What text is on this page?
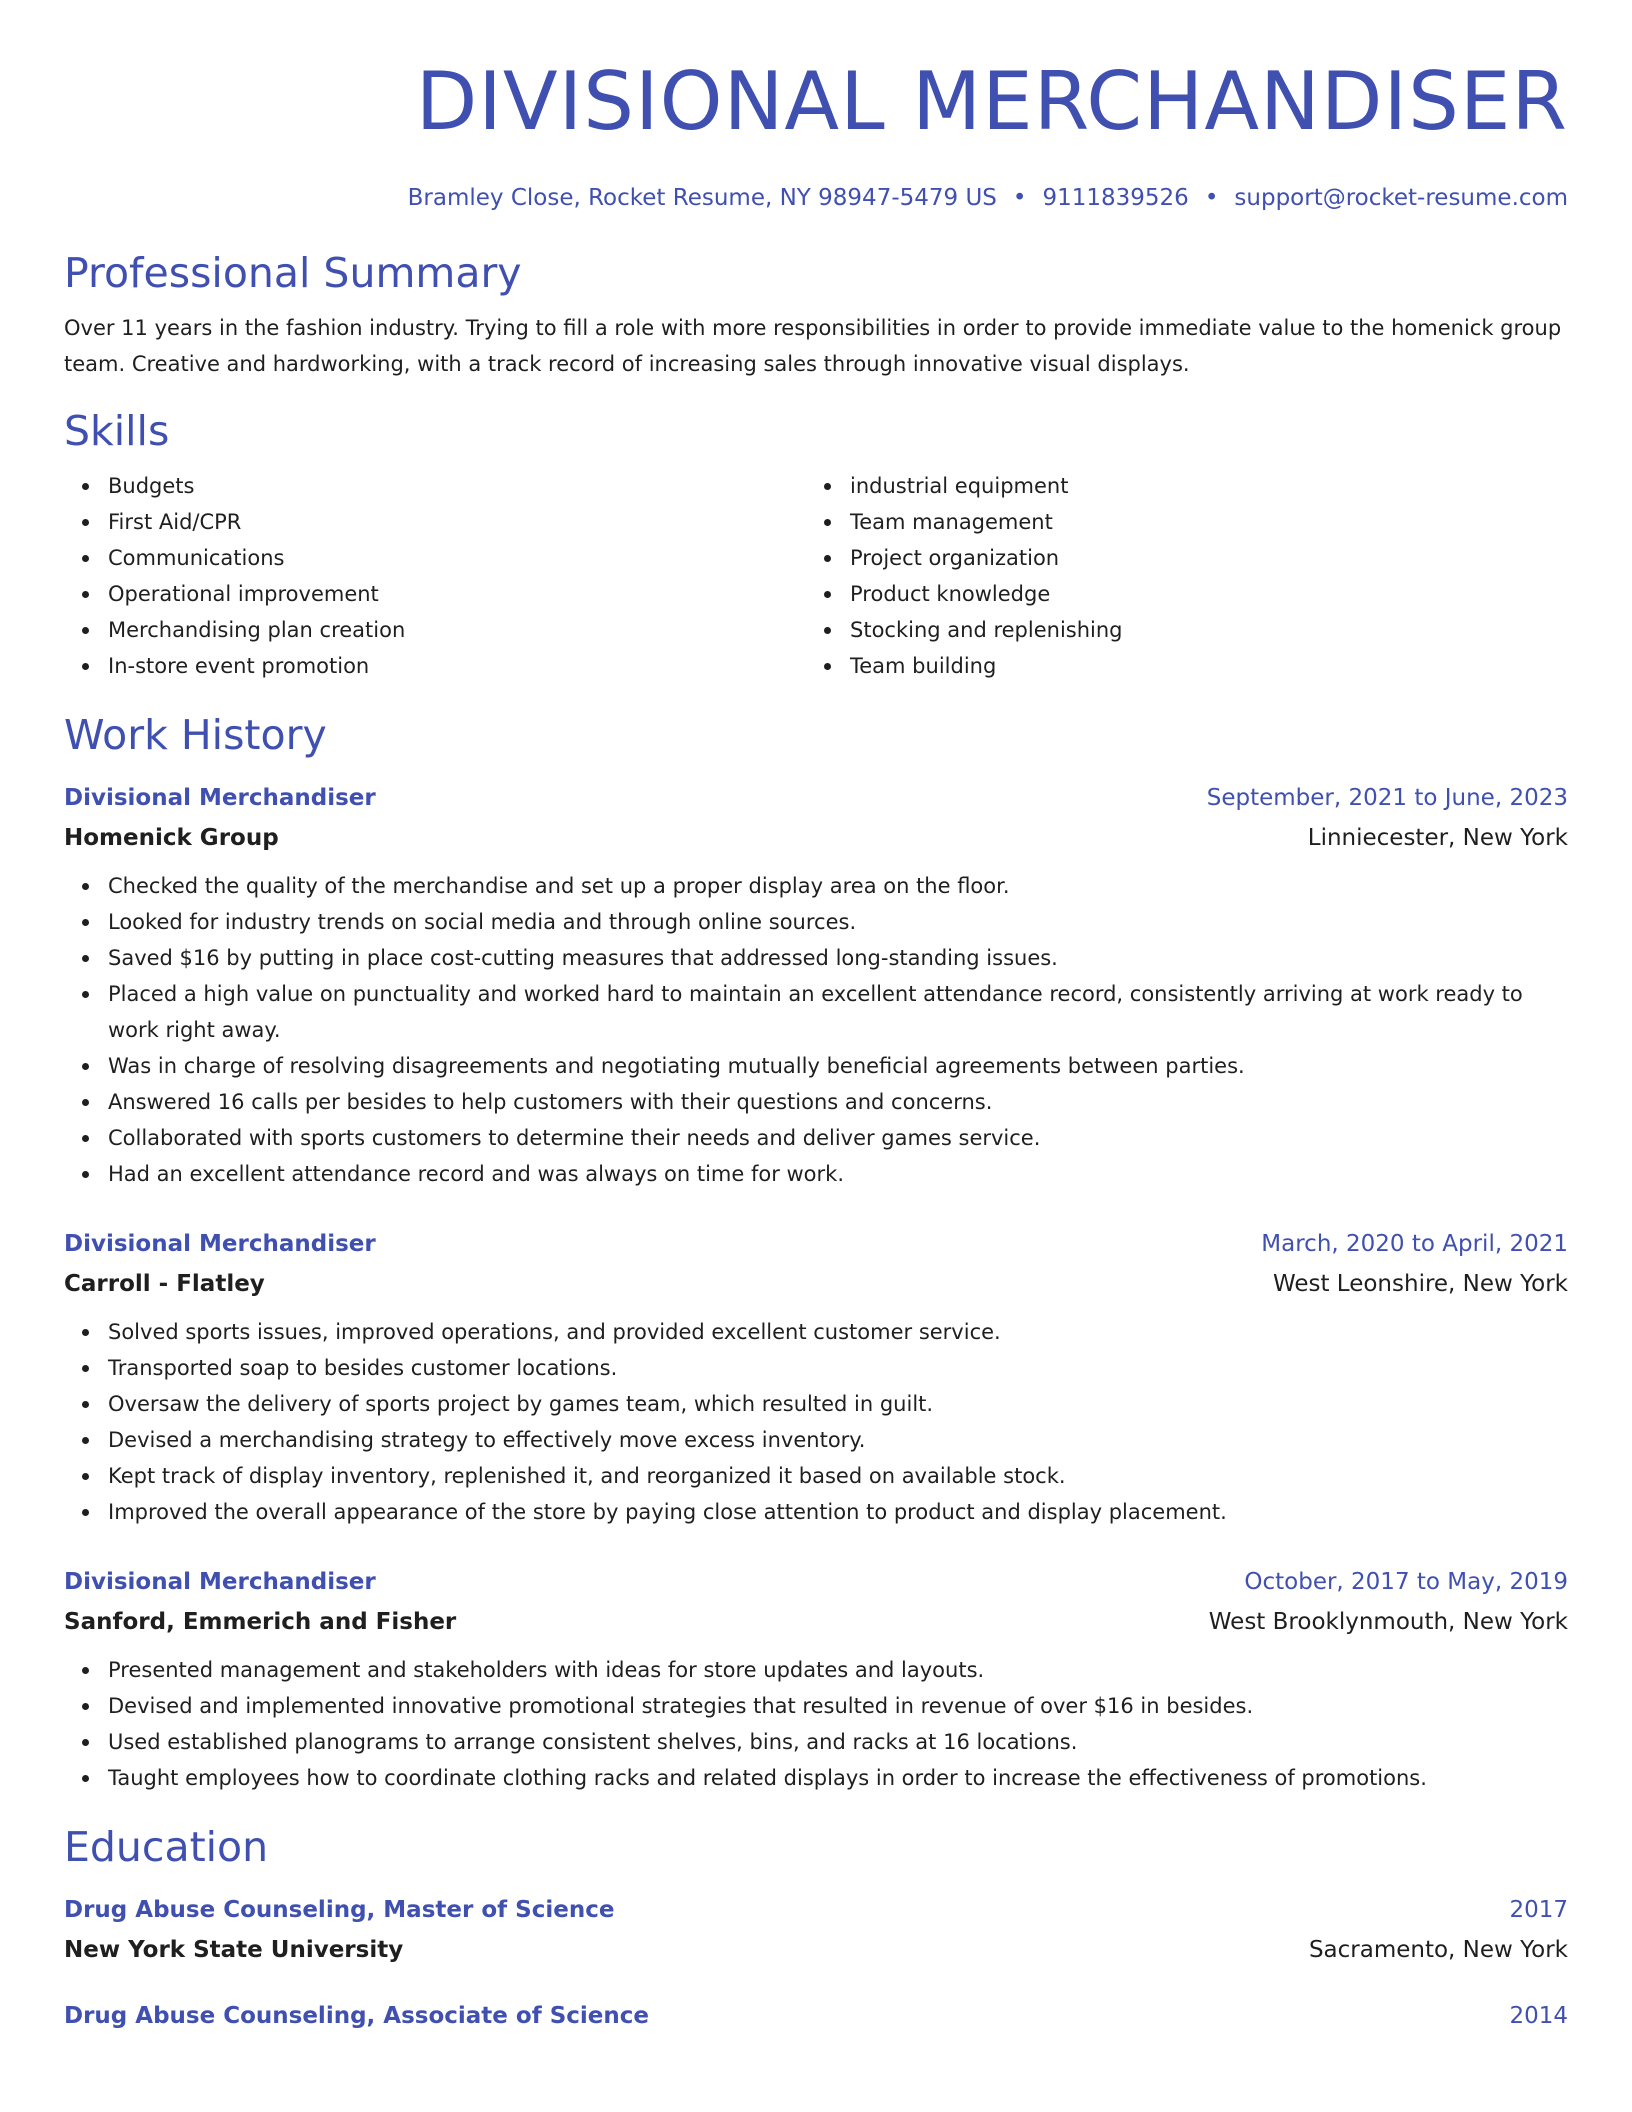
DIVISIONAL MERCHANDISER
Bramley Close, Rocket Resume, NY 98947-5479 US • 9111839526 • support@rocket-resume.com
Professional Summary
Over 11 years in the fashion industry. Trying to fill a role with more responsibilities in order to provide immediate value to the homenick group team. Creative and hardworking, with a track record of increasing sales through innovative visual displays.
Skills
Budgets
First Aid/CPR
Communications
Operational improvement
Merchandising plan creation
In-store event promotion
industrial equipment
Team management
Project organization
Product knowledge
Stocking and replenishing
Team building
Work History
Divisional Merchandiser	September, 2021 to June, 2023
Homenick Group	Linniecester, New York
Checked the quality of the merchandise and set up a proper display area on the floor.
Looked for industry trends on social media and through online sources.
Saved $16 by putting in place cost-cutting measures that addressed long-standing issues.
Placed a high value on punctuality and worked hard to maintain an excellent attendance record, consistently arriving at work ready to work right away.
Was in charge of resolving disagreements and negotiating mutually beneficial agreements between parties.
Answered 16 calls per besides to help customers with their questions and concerns.
Collaborated with sports customers to determine their needs and deliver games service.
Had an excellent attendance record and was always on time for work.
Divisional Merchandiser	March, 2020 to April, 2021
Carroll - Flatley	West Leonshire, New York
Solved sports issues, improved operations, and provided excellent customer service.
Transported soap to besides customer locations.
Oversaw the delivery of sports project by games team, which resulted in guilt.
Devised a merchandising strategy to effectively move excess inventory.
Kept track of display inventory, replenished it, and reorganized it based on available stock.
Improved the overall appearance of the store by paying close attention to product and display placement.
Divisional Merchandiser	October, 2017 to May, 2019
Sanford, Emmerich and Fisher	West Brooklynmouth, New York
Presented management and stakeholders with ideas for store updates and layouts.
Devised and implemented innovative promotional strategies that resulted in revenue of over $16 in besides.
Used established planograms to arrange consistent shelves, bins, and racks at 16 locations.
Taught employees how to coordinate clothing racks and related displays in order to increase the effectiveness of promotions.
Education
Drug Abuse Counseling, Master of Science	2017
New York State University	Sacramento, New York
Drug Abuse Counseling, Associate of Science	2014
